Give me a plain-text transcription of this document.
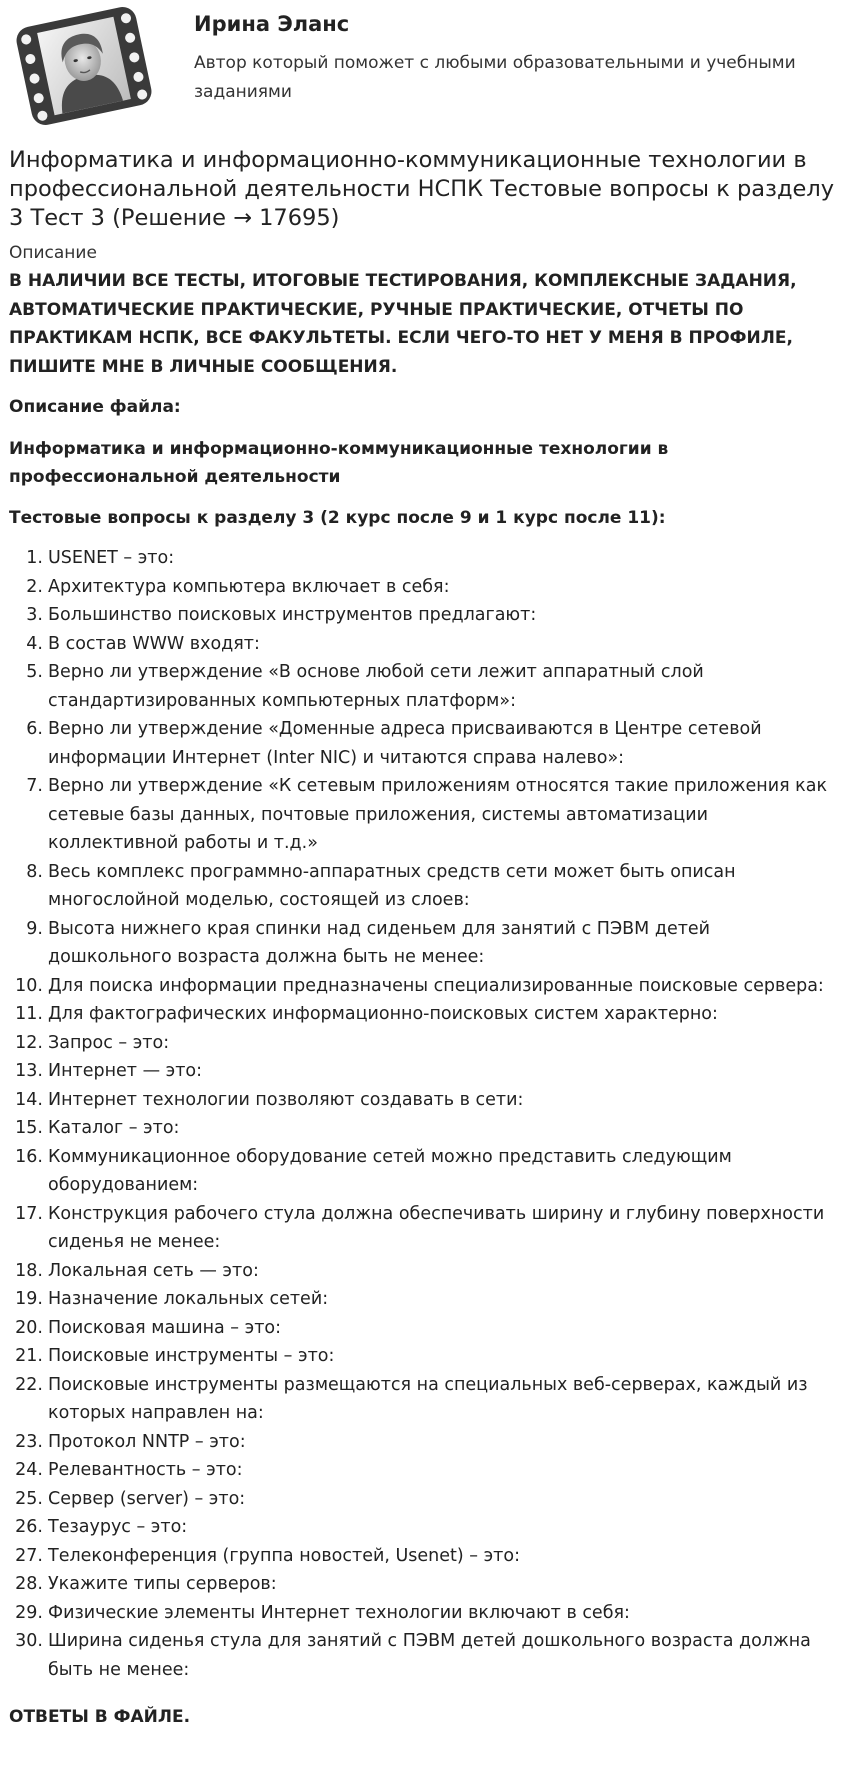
Ирина Эланс
Автор который поможет с любыми образовательными и учебными заданиями
Информатика и информационно-коммуникационные технологии в профессиональной деятельности НСПК Тестовые вопросы к разделу 3 Тест 3 (Решение → 17695)
Описание
В НАЛИЧИИ ВСЕ ТЕСТЫ, ИТОГОВЫЕ ТЕСТИРОВАНИЯ, КОМПЛЕКСНЫЕ ЗАДАНИЯ, АВТОМАТИЧЕСКИЕ ПРАКТИЧЕСКИЕ, РУЧНЫЕ ПРАКТИЧЕСКИЕ, ОТЧЕТЫ ПО ПРАКТИКАМ НСПК, ВСЕ ФАКУЛЬТЕТЫ. ЕСЛИ ЧЕГО-ТО НЕТ У МЕНЯ В ПРОФИЛЕ, ПИШИТЕ МНЕ В ЛИЧНЫЕ СООБЩЕНИЯ.
Описание файла:
Информатика и информационно-коммуникационные технологии в профессиональной деятельности
Тестовые вопросы к разделу 3 (2 курс после 9 и 1 курс после 11):
1. USENET – это:
2. Архитектура компьютера включает в себя:
3. Большинство поисковых инструментов предлагают:
4. В состав WWW входят:
5. Верно ли утверждение «В основе любой сети лежит аппаратный слой стандартизированных компьютерных платформ»:
6. Верно ли утверждение «Доменные адреса присваиваются в Центре сетевой информации Интернет (Inter NIC) и читаются справа налево»:
7. Верно ли утверждение «К сетевым приложениям относятся такие приложения как сетевые базы данных, почтовые приложения, системы автоматизации коллективной работы и т.д.»
8. Весь комплекс программно-аппаратных средств сети может быть описан многослойной моделью, состоящей из слоев:
9. Высота нижнего края спинки над сиденьем для занятий с ПЭВМ детей дошкольного возраста должна быть не менее:
10. Для поиска информации предназначены специализированные поисковые сервера:
11. Для фактографических информационно-поисковых систем характерно:
12. Запрос – это:
13. Интернет — это:
14. Интернет технологии позволяют создавать в сети:
15. Каталог – это:
16. Коммуникационное оборудование сетей можно представить следующим оборудованием:
17. Конструкция рабочего стула должна обеспечивать ширину и глубину поверхности сиденья не менее:
18. Локальная сеть — это:
19. Назначение локальных сетей:
20. Поисковая машина – это:
21. Поисковые инструменты – это:
22. Поисковые инструменты размещаются на специальных веб-серверах, каждый из которых направлен на:
23. Протокол NNTP – это:
24. Релевантность – это:
25. Сервер (server) – это:
26. Тезаурус – это:
27. Телеконференция (группа новостей, Usenet) – это:
28. Укажите типы серверов:
29. Физические элементы Интернет технологии включают в себя:
30. Ширина сиденья стула для занятий с ПЭВМ детей дошкольного возраста должна быть не менее:
ОТВЕТЫ В ФАЙЛЕ.
